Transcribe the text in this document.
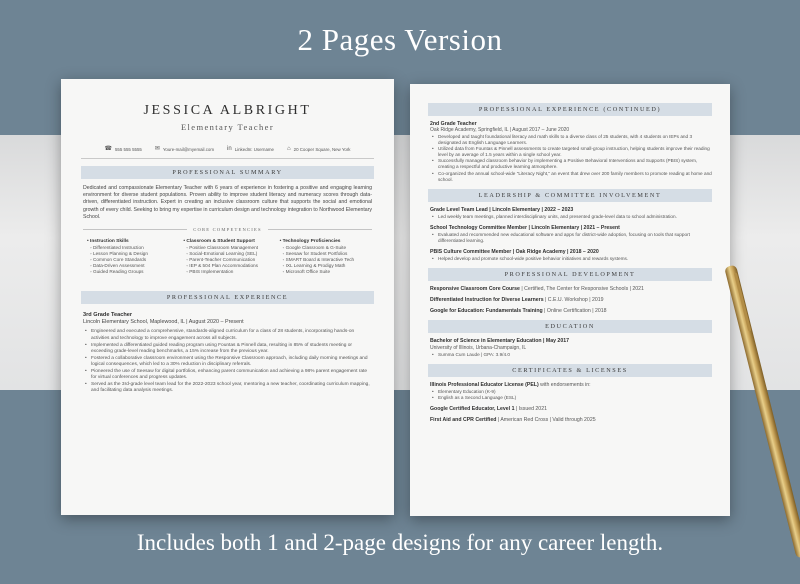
2 Pages Version
JESSICA ALBRIGHT
Elementary Teacher
☎ 555 555 5555 ✉ Youre-mail@myemail.com in LinkedIn: Username ⌂ 20 Cooper Square, New York
PROFESSIONAL SUMMARY

Dedicated and compassionate Elementary Teacher with 6 years of experience in fostering a positive and engaging learning environment for diverse student populations. Proven ability to improve student literacy and numeracy scores through data-driven, differentiated instruction. Expert in creating an inclusive classroom culture that supports the social and emotional growth of every child. Seeking to bring my expertise in curriculum design and technology integration to Northwood Elementary School.

CORE COMPETENCIES
• Instruction Skills
◦ Differentiated Instruction
◦ Lesson Planning & Design
◦ Common Core Standards
◦ Data-Driven Assessment
◦ Guided Reading Groups
• Classroom & Student Support
◦ Positive Classroom Management
◦ Social-Emotional Learning (SEL)
◦ Parent-Teacher Communication
◦ IEP & 504 Plan Accommodations
◦ PBIS Implementation
• Technology Proficiencies
◦ Google Classroom & G-Suite
◦ Seesaw for Student Portfolios
◦ SMART Board & Interactive Tech
◦ IXL Learning & Prodigy Math
◦ Microsoft Office Suite
PROFESSIONAL EXPERIENCE
3rd Grade Teacher
Lincoln Elementary School, Maplewood, IL | August 2020 – Present
• Engineered and executed a comprehensive, standards-aligned curriculum for a class of 28 students, incorporating hands-on activities and technology to improve engagement across all subjects.
• Implemented a differentiated guided reading program using Fountas & Pinnell data, resulting in 85% of students meeting or exceeding grade-level reading benchmarks, a 15% increase from the previous year.
• Fostered a collaborative classroom environment using the Responsive Classroom approach, including daily morning meetings and logical consequences, which led to a 30% reduction in disciplinary referrals.
• Pioneered the use of Seesaw for digital portfolios, enhancing parent communication and achieving a 98% parent engagement rate for virtual conferences and progress updates.
• Served as the 3rd-grade level team lead for the 2022-2023 school year, mentoring a new teacher, coordinating curriculum mapping, and facilitating data analysis meetings.
PROFESSIONAL EXPERIENCE (CONTINUED)
2nd Grade Teacher
Oak Ridge Academy, Springfield, IL | August 2017 – June 2020
• Developed and taught foundational literacy and math skills to a diverse class of 25 students, with 4 students on IEPs and 3 designated as English Language Learners.
• Utilized data from Fountas & Pinnell assessments to create targeted small-group instruction, helping students improve their reading level by an average of 1.5 years within a single school year.
• Successfully managed classroom behavior by implementing a Positive Behavioral Interventions and Supports (PBIS) system, creating a respectful and productive learning atmosphere.
• Co-organized the annual school-wide "Literacy Night," an event that drew over 200 family members to promote reading at home and school.
LEADERSHIP & COMMITTEE INVOLVEMENT
Grade Level Team Lead | Lincoln Elementary | 2022 – 2023
• Led weekly team meetings, planned interdisciplinary units, and presented grade-level data to school administration.
School Technology Committee Member | Lincoln Elementary | 2021 – Present
• Evaluated and recommended new educational software and apps for district-wide adoption, focusing on tools that support differentiated learning.
PBIS Culture Committee Member | Oak Ridge Academy | 2018 – 2020
• Helped develop and promote school-wide positive behavior initiatives and rewards systems.
PROFESSIONAL DEVELOPMENT
Responsive Classroom Core Course | Certified, The Center for Responsive Schools | 2021
Differentiated Instruction for Diverse Learners | C.E.U. Workshop | 2019
Google for Education: Fundamentals Training | Online Certification | 2018
EDUCATION
Bachelor of Science in Elementary Education | May 2017
University of Illinois, Urbana-Champaign, IL
• Summa Cum Laude | GPA: 3.9/4.0
CERTIFICATES & LICENSES
Illinois Professional Educator License (PEL) with endorsements in:
• Elementary Education (K-9)
• English as a Second Language (ESL)
Google Certified Educator, Level 1 | Issued 2021
First Aid and CPR Certified | American Red Cross | Valid through 2025
Includes both 1 and 2-page designs for any career length.
